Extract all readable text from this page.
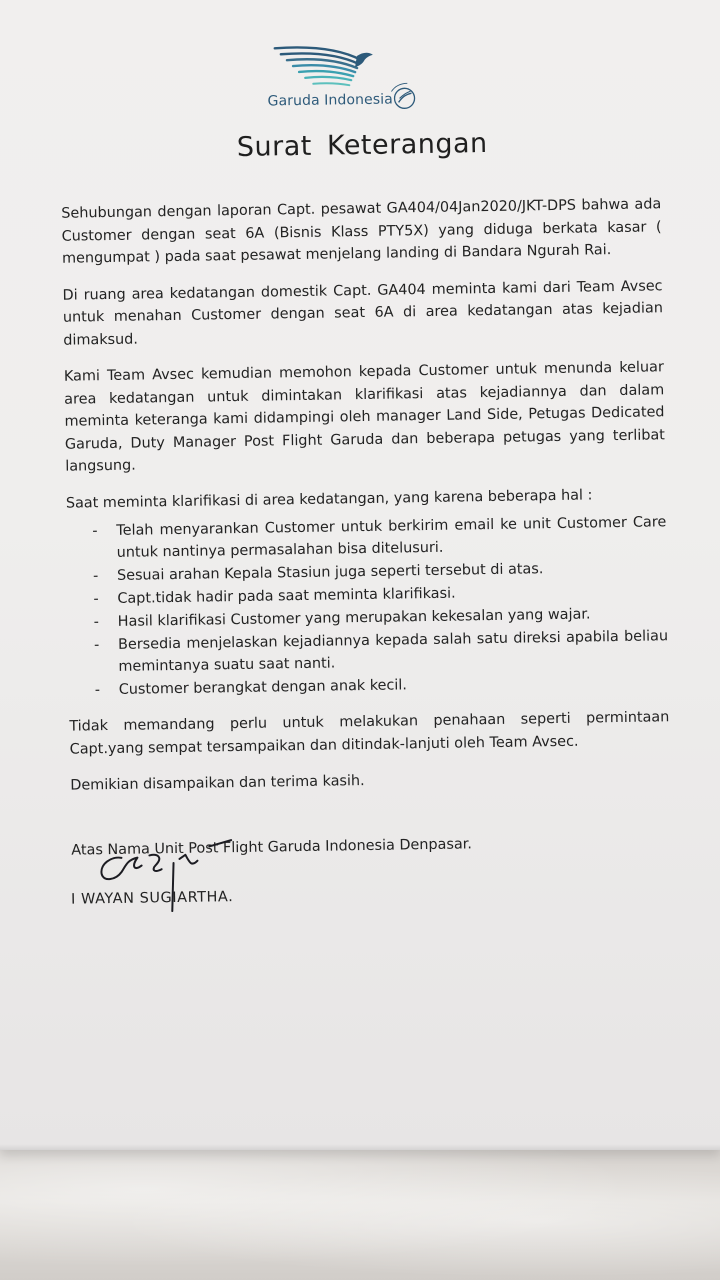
Garuda Indonesia
Surat Keterangan

Sehubungan dengan laporan Capt. pesawat GA404/04Jan2020/JKT-DPS bahwa ada Customer dengan seat 6A (Bisnis Klass PTY5X) yang diduga berkata kasar ( mengumpat ) pada saat pesawat menjelang landing di Bandara Ngurah Rai.

Di ruang area kedatangan domestik Capt. GA404 meminta kami dari Team Avsec untuk menahan Customer dengan seat 6A di area kedatangan atas kejadian dimaksud.

Kami Team Avsec kemudian memohon kepada Customer untuk menunda keluar area kedatangan untuk dimintakan klarifikasi atas kejadiannya dan dalam meminta keteranga kami didampingi oleh manager Land Side, Petugas Dedicated Garuda, Duty Manager Post Flight Garuda dan beberapa petugas yang terlibat langsung.

Saat meminta klarifikasi di area kedatangan, yang karena beberapa hal :

- Telah menyarankan Customer untuk berkirim email ke unit Customer Care untuk nantinya permasalahan bisa ditelusuri.
- Sesuai arahan Kepala Stasiun juga seperti tersebut di atas.
- Capt.tidak hadir pada saat meminta klarifikasi.
- Hasil klarifikasi Customer yang merupakan kekesalan yang wajar.
- Bersedia menjelaskan kejadiannya kepada salah satu direksi apabila beliau memintanya suatu saat nanti.
- Customer berangkat dengan anak kecil.

Tidak memandang perlu untuk melakukan penahaan seperti permintaan Capt.yang sempat tersampaikan dan ditindak-lanjuti oleh Team Avsec.

Demikian disampaikan dan terima kasih.

Atas Nama Unit Post Flight Garuda Indonesia Denpasar.

I WAYAN SUGIARTHA.
